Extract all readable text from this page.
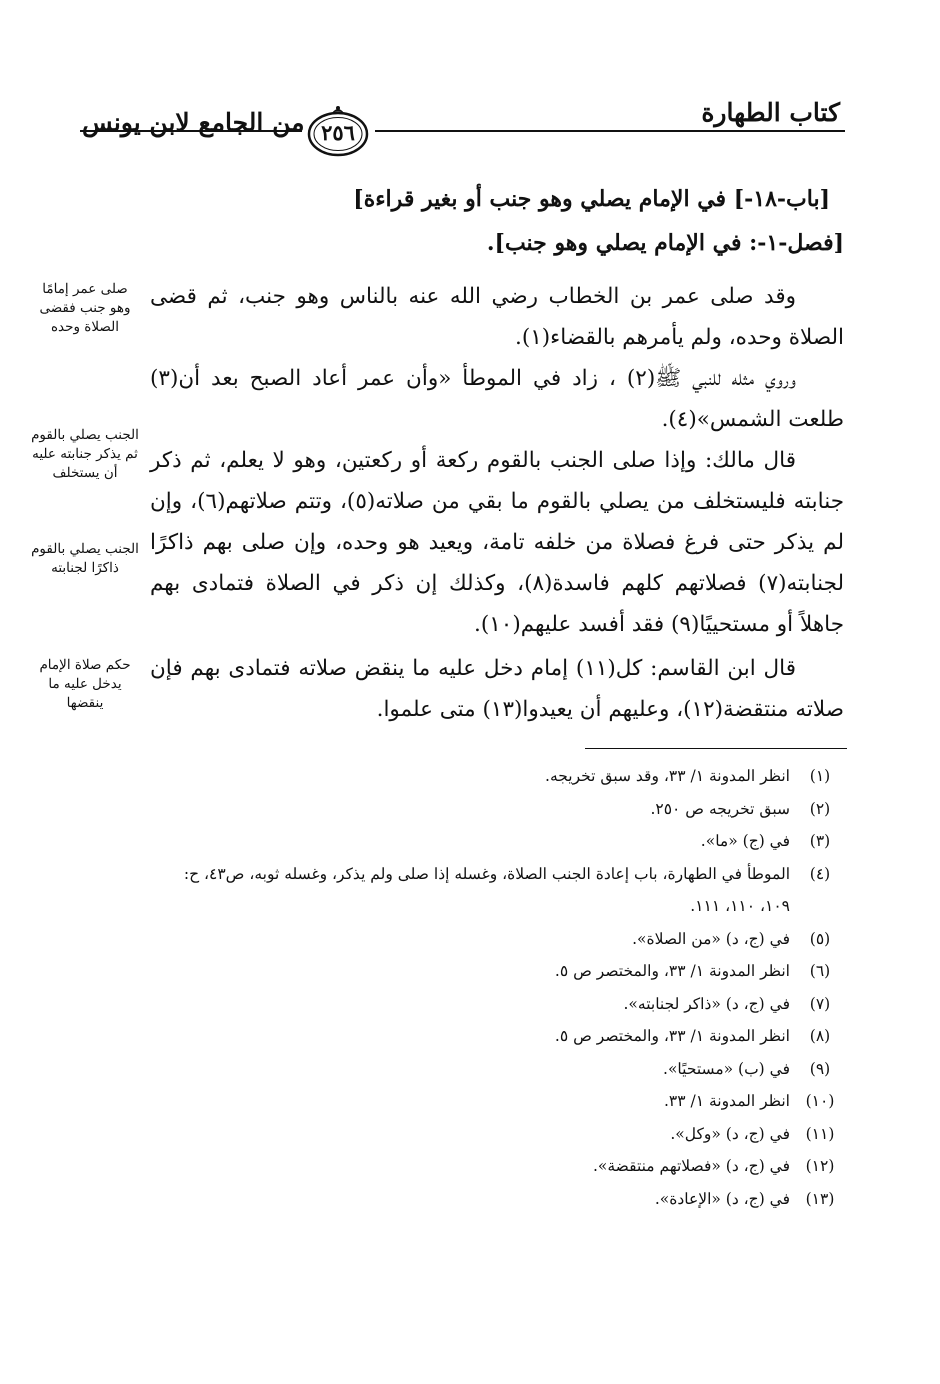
كتاب الطهارة
٢٥٦
من الجامع لابن يونس
[باب-١٨-] في الإمام يصلي وهو جنب أو بغير قراءة]
[فصل-١-: في الإمام يصلي وهو جنب].

وقد صلى عمر بن الخطاب رضي الله عنه بالناس وهو جنب، ثم قضى الصلاة وحده، ولم يأمرهم بالقضاء(١).

وروي مثله للنبي ﷺ(٢) ، زاد في الموطأ «وأن عمر أعاد الصبح بعد أن(٣) طلعت الشمس»(٤).

قال مالك: وإذا صلى الجنب بالقوم ركعة أو ركعتين، وهو لا يعلم، ثم ذكر جنابته فليستخلف من يصلي بالقوم ما بقي من صلاته(٥)، وتتم صلاتهم(٦)، وإن لم يذكر حتى فرغ فصلاة من خلفه تامة، ويعيد هو وحده، وإن صلى بهم ذاكرًا لجنابته(٧) فصلاتهم كلهم فاسدة(٨)، وكذلك إن ذكر في الصلاة فتمادى بهم جاهلاً أو مستحييًا(٩) فقد أفسد عليهم(١٠).

قال ابن القاسم: كل(١١) إمام دخل عليه ما ينقض صلاته فتمادى بهم فإن صلاته منتقضة(١٢)، وعليهم أن يعيدوا(١٣) متى علموا.

صلى عمر إمامًا وهو جنب فقضى الصلاة وحده
الجنب يصلي بالقوم ثم يذكر جنابته عليه أن يستخلف
الجنب يصلي بالقوم ذاكرًا لجنابته
حكم صلاة الإمام يدخل عليه ما ينقضها
(١)
انظر المدونة ١/ ٣٣، وقد سبق تخريجه.
(٢)
سبق تخريجه ص ٢٥٠.
(٣)
في (ج) «ما».
(٤)
الموطأ في الطهارة، باب إعادة الجنب الصلاة، وغسله إذا صلى ولم يذكر، وغسله ثوبه، ص٤٣، ح: ١٠٩، ١١٠، ١١١.
(٥)
في (ج، د) «من الصلاة».
(٦)
انظر المدونة ١/ ٣٣، والمختصر ص ٥.
(٧)
في (ج، د) «ذاكر لجنابته».
(٨)
انظر المدونة ١/ ٣٣، والمختصر ص ٥.
(٩)
في (ب) «مستحيًا».
(١٠)
انظر المدونة ١/ ٣٣.
(١١)
في (ج، د) «وكل».
(١٢)
في (ج، د) «فصلاتهم منتقضة».
(١٣)
في (ج، د) «الإعادة».
